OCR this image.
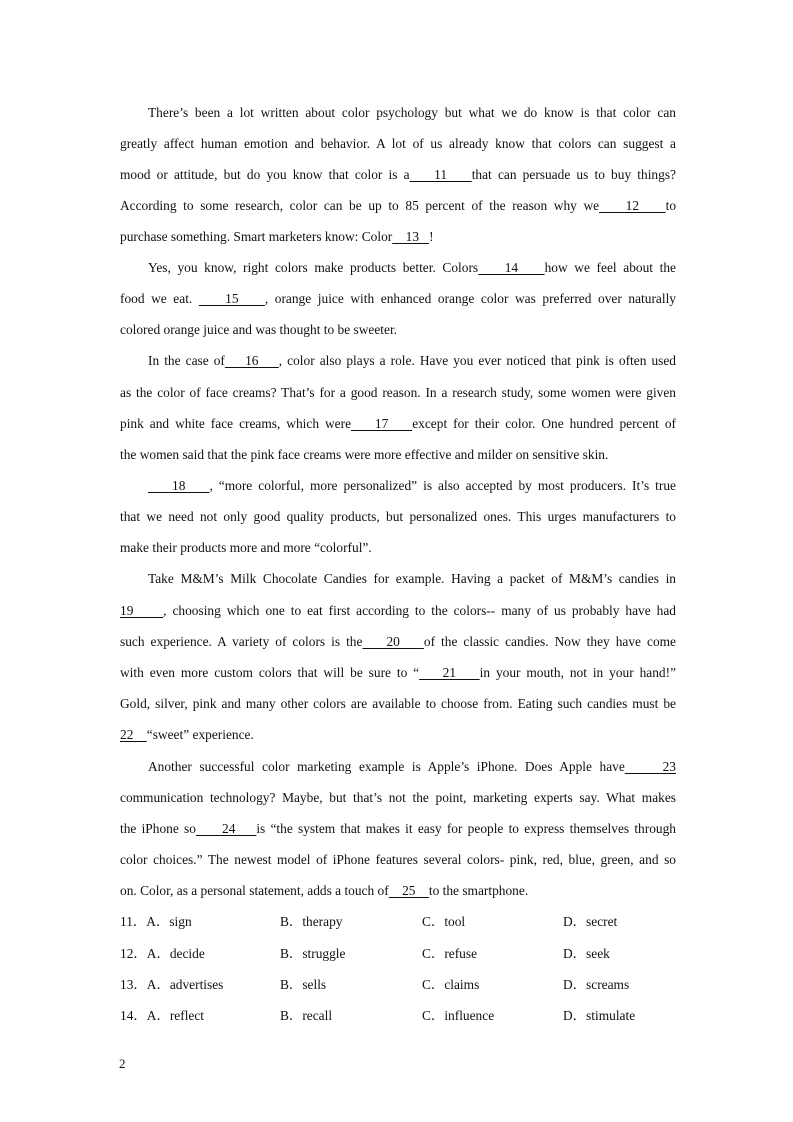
There’s been a lot written about color psychology but what we do know is that color can
greatly affect human emotion and behavior. A lot of us already know that colors can suggest a
mood or attitude, but do you know that color is a    11    that can persuade us to buy things?
According to some research, color can be up to 85 percent of the reason why we    12    to
purchase something. Smart marketers know: Color    13   !
Yes, you know, right colors make products better. Colors    14    how we feel about the
food we eat.     15    , orange juice with enhanced orange color was preferred over naturally
colored orange juice and was thought to be sweeter.
In the case of    16    , color also plays a role. Have you ever noticed that pink is often used
as the color of face creams? That’s for a good reason. In a research study, some women were given
pink and white face creams, which were    17    except for their color. One hundred percent of
the women said that the pink face creams were more effective and milder on sensitive skin.
18    , “more colorful, more personalized” is also accepted by most producers. It’s true
that we need not only good quality products, but personalized ones. This urges manufacturers to
make their products more and more “colorful”.
Take M&M’s Milk Chocolate Candies for example. Having a packet of M&M’s candies in
19     , choosing which one to eat first according to the colors-- many of us probably have had
such experience. A variety of colors is the    20    of the classic candies. Now they have come
with even more custom colors that will be sure to “    21    in your mouth, not in your hand!”
Gold, silver, pink and many other colors are available to choose from. Eating such candies must be
22    “sweet” experience.
Another successful color marketing example is Apple’s iPhone. Does Apple have     23
communication technology? Maybe, but that’s not the point, marketing experts say. What makes
the iPhone so     24    is “the system that makes it easy for people to express themselves through
color choices.” The newest model of iPhone features several colors- pink, red, blue, green, and so
on. Color, as a personal statement, adds a touch of    25    to the smartphone.
11．A．sign	B．therapy	C．tool	D．secret
12．A．decide	B．struggle	C．refuse	D．seek
13．A．advertises	B．sells	C．claims	D．screams
14．A．reflect	B．recall	C．influence	D．stimulate
2
